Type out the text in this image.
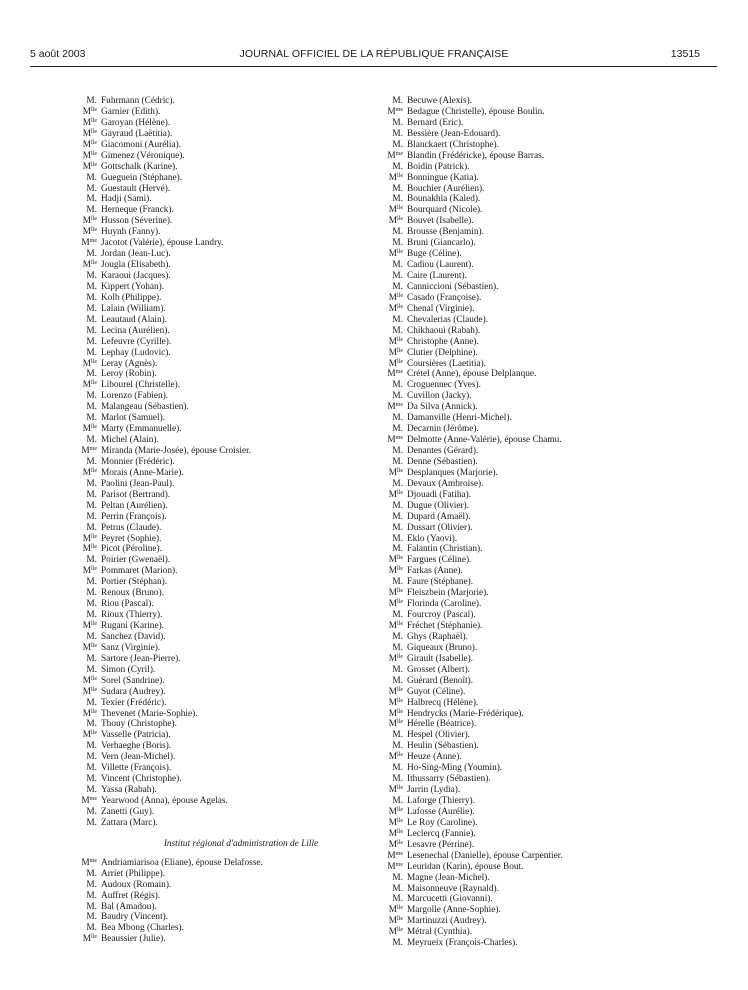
5 août 2003	JOURNAL OFFICIEL DE LA RÉPUBLIQUE FRANÇAISE	13515
M. Fuhrmann (Cédric).
$M^{lle}$ Garnier (Edith).
$M^{lle}$ Garoyan (Hélène).
$M^{lle}$ Gayraud (Laëtitia).
$M^{lle}$ Giacomoni (Aurélia).
$M^{lle}$ Gimenez (Véronique).
$M^{lle}$ Gottschalk (Karine).
M. Gueguein (Stéphane).
M. Guestault (Hervé).
M. Hadji (Sami).
M. Herneque (Franck).
$M^{lle}$ Husson (Séverine).
$M^{lle}$ Huynh (Fanny).
$M^{me}$ Jacotot (Valérie), épouse Landry.
M. Jordan (Jean-Luc).
$M^{lle}$ Jougla (Elisabeth).
M. Karaoui (Jacques).
M. Kippert (Yohan).
M. Kolb (Philippe).
M. Lalain (William).
M. Leautaud (Alain).
M. Lecina (Aurélien).
M. Lefeuvre (Cyrille).
M. Lephay (Ludovic).
$M^{lle}$ Leray (Agnès).
M. Leroy (Robin).
$M^{lle}$ Libourel (Christelle).
M. Lorenzo (Fabien).
M. Malangeau (Sébastien).
M. Marlot (Samuel).
$M^{lle}$ Marty (Emmanuelle).
M. Michel (Alain).
$M^{me}$ Miranda (Marie-Josée), épouse Croisier.
M. Monnier (Frédéric).
$M^{lle}$ Morais (Anne-Marie).
M. Paolini (Jean-Paul).
M. Parisot (Bertrand).
M. Peltan (Aurélien).
M. Perrin (François).
M. Petrus (Claude).
$M^{lle}$ Peyret (Sophie).
$M^{lle}$ Picot (Péroline).
M. Poirier (Gwenaël).
$M^{lle}$ Pommaret (Marion).
M. Portier (Stéphan).
M. Renoux (Bruno).
M. Riou (Pascal).
M. Rioux (Thierry).
$M^{lle}$ Rugani (Karine).
M. Sanchez (David).
$M^{lle}$ Sanz (Virginie).
M. Sartore (Jean-Pierre).
M. Simon (Cyril).
$M^{lle}$ Sorel (Sandrine).
$M^{lle}$ Sudara (Audrey).
M. Texier (Frédéric).
$M^{lle}$ Thevenet (Marie-Sophie).
M. Thouy (Christophe).
$M^{lle}$ Vasselle (Patricia).
M. Verhaeghe (Boris).
M. Vern (Jean-Michel).
M. Villette (François).
M. Vincent (Christophe).
M. Yassa (Rabah).
$M^{me}$ Yearwood (Anna), épouse Agelas.
M. Zanetti (Guy).
M. Zattara (Marc).
Institut régional d'administration de Lille
$M^{me}$ Andriamiarisoa (Eliane), épouse Delafosse.
M. Arriet (Philippe).
M. Audoux (Romain).
M. Auffret (Régis).
M. Bal (Amadou).
M. Baudry (Vincent).
M. Bea Mbong (Charles).
$M^{lle}$ Beaussier (Julie).
M. Becuwe (Alexis).
$M^{me}$ Bedague (Christelle), épouse Boulin.
M. Bernard (Eric).
M. Bessière (Jean-Edouard).
M. Blanckaert (Christophe).
$M^{me}$ Blandin (Frédéricke), épouse Barras.
M. Boidin (Patrick).
$M^{lle}$ Bonningue (Katia).
M. Bouchier (Aurélien).
M. Bounakhla (Kaled).
$M^{lle}$ Bourquard (Nicole).
$M^{lle}$ Bouvet (Isabelle).
M. Brousse (Benjamin).
M. Bruni (Giancarlo).
$M^{lle}$ Buge (Céline).
M. Cadiou (Laurent).
M. Caire (Laurent).
M. Canniccioni (Sébastien).
$M^{lle}$ Casado (Françoise).
$M^{lle}$ Chenal (Virginie).
M. Chevalerias (Claude).
M. Chikhaoui (Rabah).
$M^{lle}$ Christophe (Anne).
$M^{lle}$ Clutier (Delphine).
$M^{lle}$ Coursières (Laetitia).
$M^{me}$ Crétel (Anne), épouse Delplanque.
M. Croguennec (Yves).
M. Cuvillon (Jacky).
$M^{me}$ Da Silva (Annick).
M. Damanville (Henri-Michel).
M. Decarnin (Jérôme).
$M^{me}$ Delmotte (Anne-Valérie), épouse Chamu.
M. Denantes (Gérard).
M. Denne (Sébastien).
$M^{lle}$ Desplanques (Marjorie).
M. Devaux (Ambroise).
$M^{lle}$ Djouadi (Fatiha).
M. Dugue (Olivier).
M. Dupard (Amaël).
M. Dussart (Olivier).
M. Eklo (Yaovi).
M. Falantin (Christian).
$M^{lle}$ Fargues (Céline).
$M^{lle}$ Farkas (Anne).
M. Faure (Stéphane).
$M^{lle}$ Fleiszbein (Marjorie).
$M^{lle}$ Florinda (Caroline).
M. Fourcroy (Pascal).
$M^{lle}$ Fréchet (Stéphanie).
M. Ghys (Raphaël).
M. Giqueaux (Bruno).
$M^{lle}$ Girault (Isabelle).
M. Grosset (Albert).
M. Guérard (Benoît).
$M^{lle}$ Guyot (Céline).
$M^{lle}$ Halbrecq (Hélène).
$M^{lle}$ Hendrycks (Marie-Frédérique).
$M^{lle}$ Hérelle (Béatrice).
M. Hespel (Olivier).
M. Heulin (Sébastien).
$M^{lle}$ Heuze (Anne).
M. Ho-Sing-Ming (Youmin).
M. Ithussarry (Sébastien).
$M^{lle}$ Jarrin (Lydia).
M. Laforge (Thierry).
$M^{lle}$ Lafosse (Aurélie).
$M^{lle}$ Le Roy (Caroline).
$M^{lle}$ Leclercq (Fannie).
$M^{lle}$ Lesavre (Perrine).
$M^{me}$ Lesenechal (Danielle), épouse Carpentier.
$M^{me}$ Leuridan (Karin), épouse Bout.
M. Magne (Jean-Michel).
M. Maisonneuve (Raynald).
M. Marcucetti (Giovanni).
$M^{lle}$ Margolle (Anne-Sophie).
$M^{lle}$ Martinuzzi (Audrey).
$M^{lle}$ Métral (Cynthia).
M. Meyrueix (François-Charles).
